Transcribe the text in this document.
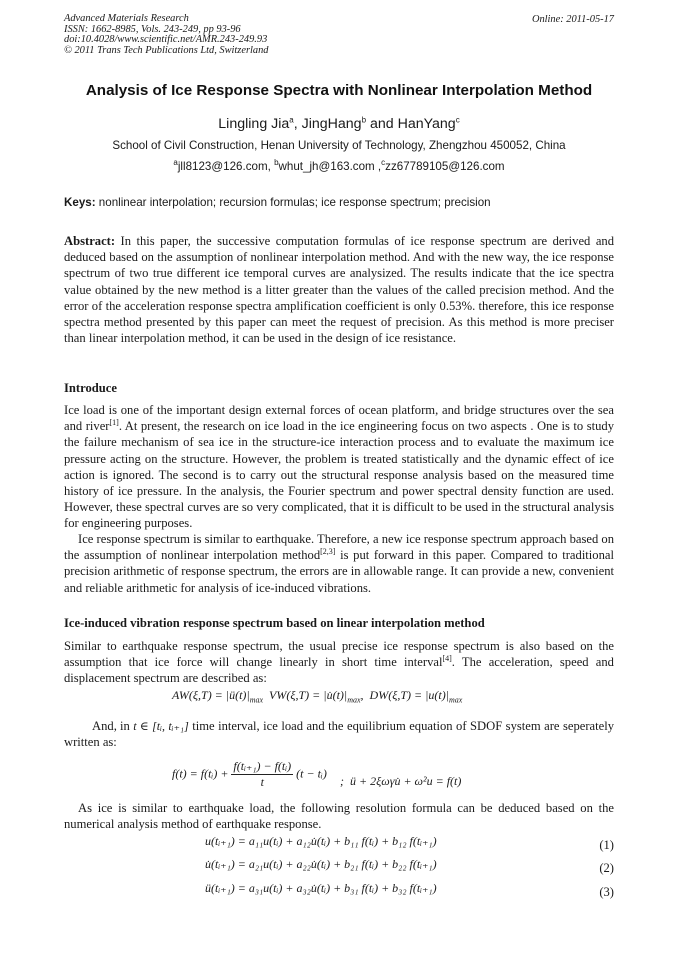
Advanced Materials Research
ISSN: 1662-8985, Vols. 243-249, pp 93-96
doi:10.4028/www.scientific.net/AMR.243-249.93
© 2011 Trans Tech Publications Ltd, Switzerland
Online: 2011-05-17
Analysis of Ice Response Spectra with Nonlinear Interpolation Method
Lingling Jia$^a$, JingHang$^b$ and HanYang$^c$
School of Civil Construction, Henan University of Technology, Zhengzhou 450052, China
$^a$jll8123@126.com, $^b$whut_jh@163.com ,$^c$zz67789105@126.com
Keys: nonlinear interpolation; recursion formulas; ice response spectrum; precision
Abstract: In this paper, the successive computation formulas of ice response spectrum are derived and deduced based on the assumption of nonlinear interpolation method. And with the new way, the ice response spectrum of two true different ice temporal curves are analysized. The results indicate that the ice spectra value obtained by the new method is a litter greater than the values of the called precision method. And the error of the acceleration response spectra amplification coefficient is only 0.53%. therefore, this ice response spectra method presented by this paper can meet the request of precision. As this method is more preciser than linear interpolation method, it can be used in the design of ice resistance.
Introduce
Ice load is one of the important design external forces of ocean platform, and bridge structures over the sea and river[1]. At present, the research on ice load in the ice engineering focus on two aspects . One is to study the failure mechanism of sea ice in the structure-ice interaction process and to evaluate the maximum ice pressure acting on the structure. However, the problem is treated statistically and the dynamic effect of ice action is ignored. The second is to carry out the structural response analysis based on the measured time history of ice pressure. In the analysis, the Fourier spectrum and power spectral density function are used. However, these spectral curves are so very complicated, that it is difficult to be used in the structural analysis for engineering purposes.
Ice response spectrum is similar to earthquake. Therefore, a new ice response spectrum approach based on the assumption of nonlinear interpolation method[2,3] is put forward in this paper. Compared to traditional precision arithmetic of response spectrum, the errors are in allowable range. It can provide a new, convenient and reliable arithmetic for analysis of ice-induced vibrations.
Ice-induced vibration response spectrum based on linear interpolation method
Similar to earthquake response spectrum, the usual precise ice response spectrum is also based on the assumption that ice force will change linearly in short time interval[4]. The acceleration, speed and displacement spectrum are described as:
$AW(\xi,T) = |ü(t)|_{max}$ $VW(\xi,T) = |u̇(t)|_{max}$,  $DW(\xi,T) = |u(t)|_{max}$
And, in t ∈ [tᵢ, tᵢ₊₁] time interval, ice load and the equilibrium equation of SDOF system are seperately written as:
f(t) = f(tᵢ) + $\frac{\text{f(tᵢ₊₁) − f(tᵢ)}}{t} (t$ − tᵢ)
;  ü + 2ξωγu̇ + ω²u = f(t)
As ice is similar to earthquake load, the following resolution formula can be deduced based on the numerical analysis method of earthquake response.
u(tᵢ₊₁) = a₁₁u(tᵢ) + a₁₂u̇(tᵢ) + b₁₁ f(tᵢ) + b₁₂ f(tᵢ₊₁)	(1)
u̇(tᵢ₊₁) = a₂₁u(tᵢ) + a₂₂u̇(tᵢ) + b₂₁ f(tᵢ) + b₂₂ f(tᵢ₊₁)	(2)
ü(tᵢ₊₁) = a₃₁u(tᵢ) + a₃₂u̇(tᵢ) + b₃₁ f(tᵢ) + b₃₂ f(tᵢ₊₁)	(3)
